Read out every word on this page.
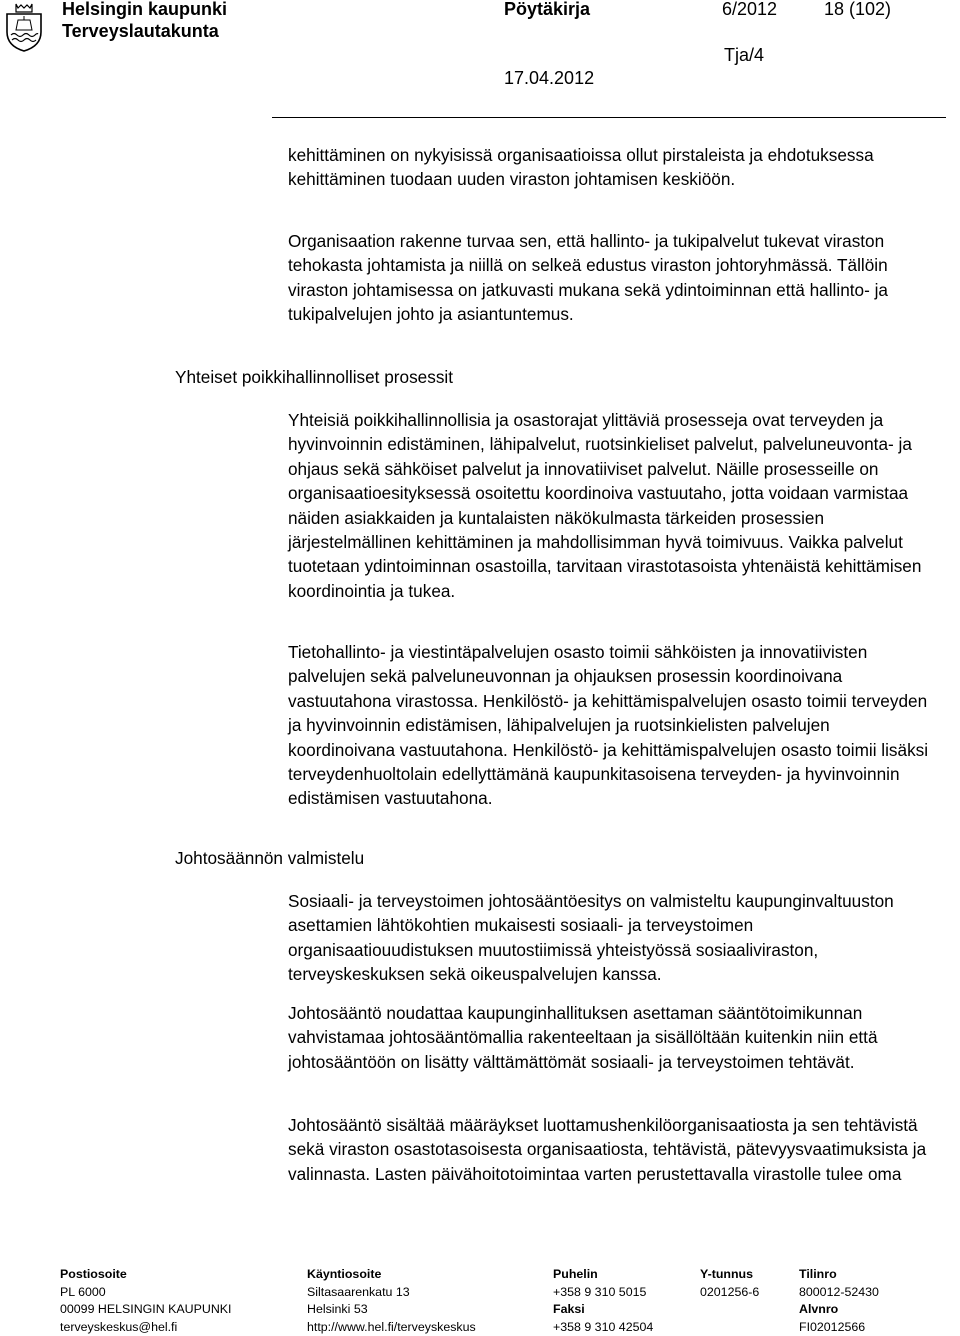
Helsingin kaupunki
Terveyslautakunta
Pöytäkirja	6/2012	18 (102)
Tja/4
17.04.2012

kehittäminen on nykyisissä organisaatioissa ollut pirstaleista ja ehdotuksessa kehittäminen tuodaan uuden viraston johtamisen keskiöön.

Organisaation rakenne turvaa sen, että hallinto- ja tukipalvelut tukevat viraston tehokasta johtamista ja niillä on selkeä edustus viraston johtoryhmässä. Tällöin viraston johtamisessa on jatkuvasti mukana sekä ydintoiminnan että hallinto- ja tukipalvelujen johto ja asiantuntemus.

Yhteiset poikkihallinnolliset prosessit

Yhteisiä poikkihallinnollisia ja osastorajat ylittäviä prosesseja ovat terveyden ja hyvinvoinnin edistäminen, lähipalvelut, ruotsinkieliset palvelut, palveluneuvonta- ja ohjaus sekä sähköiset palvelut ja innovatiiviset palvelut. Näille prosesseille on organisaatioesityksessä osoitettu koordinoiva vastuutaho, jotta voidaan varmistaa näiden asiakkaiden ja kuntalaisten näkökulmasta tärkeiden prosessien järjestelmällinen kehittäminen ja mahdollisimman hyvä toimivuus. Vaikka palvelut tuotetaan ydintoiminnan osastoilla, tarvitaan virastotasoista yhtenäistä kehittämisen koordinointia ja tukea.

Tietohallinto- ja viestintäpalvelujen osasto toimii sähköisten ja innovatiivisten palvelujen sekä palveluneuvonnan ja ohjauksen prosessin koordinoivana vastuutahona virastossa. Henkilöstö- ja kehittämispalvelujen osasto toimii terveyden ja hyvinvoinnin edistämisen, lähipalvelujen ja ruotsinkielisten palvelujen koordinoivana vastuutahona. Henkilöstö- ja kehittämispalvelujen osasto toimii lisäksi terveydenhuoltolain edellyttämänä kaupunkitasoisena terveyden- ja hyvinvoinnin edistämisen vastuutahona.

Johtosäännön valmistelu

Sosiaali- ja terveystoimen johtosääntöesitys on valmisteltu kaupunginvaltuuston asettamien lähtökohtien mukaisesti sosiaali- ja terveystoimen organisaatiouudistuksen muutostiimissä yhteistyössä sosiaaliviraston, terveyskeskuksen sekä oikeuspalvelujen kanssa.

Johtosääntö noudattaa kaupunginhallituksen asettaman sääntötoimikunnan vahvistamaa johtosääntömallia rakenteeltaan ja sisällöltään kuitenkin niin että johtosääntöön on lisätty välttämättömät sosiaali- ja terveystoimen tehtävät.

Johtosääntö sisältää määräykset luottamushenkilöorganisaatiosta ja sen tehtävistä sekä viraston osastotasoisesta organisaatiosta, tehtävistä, pätevyysvaatimuksista ja valinnasta. Lasten päivähoitotoimintaa varten perustettavalla virastolle tulee oma

Postiosoite
PL 6000
00099 HELSINGIN KAUPUNKI
terveyskeskus@hel.fi
Käyntiosoite
Siltasaarenkatu 13
Helsinki 53
http://www.hel.fi/terveyskeskus
Puhelin
+358 9 310 5015
Faksi
+358 9 310 42504
Y-tunnus
0201256-6
Tilinro
800012-52430
Alvnro
FI02012566
